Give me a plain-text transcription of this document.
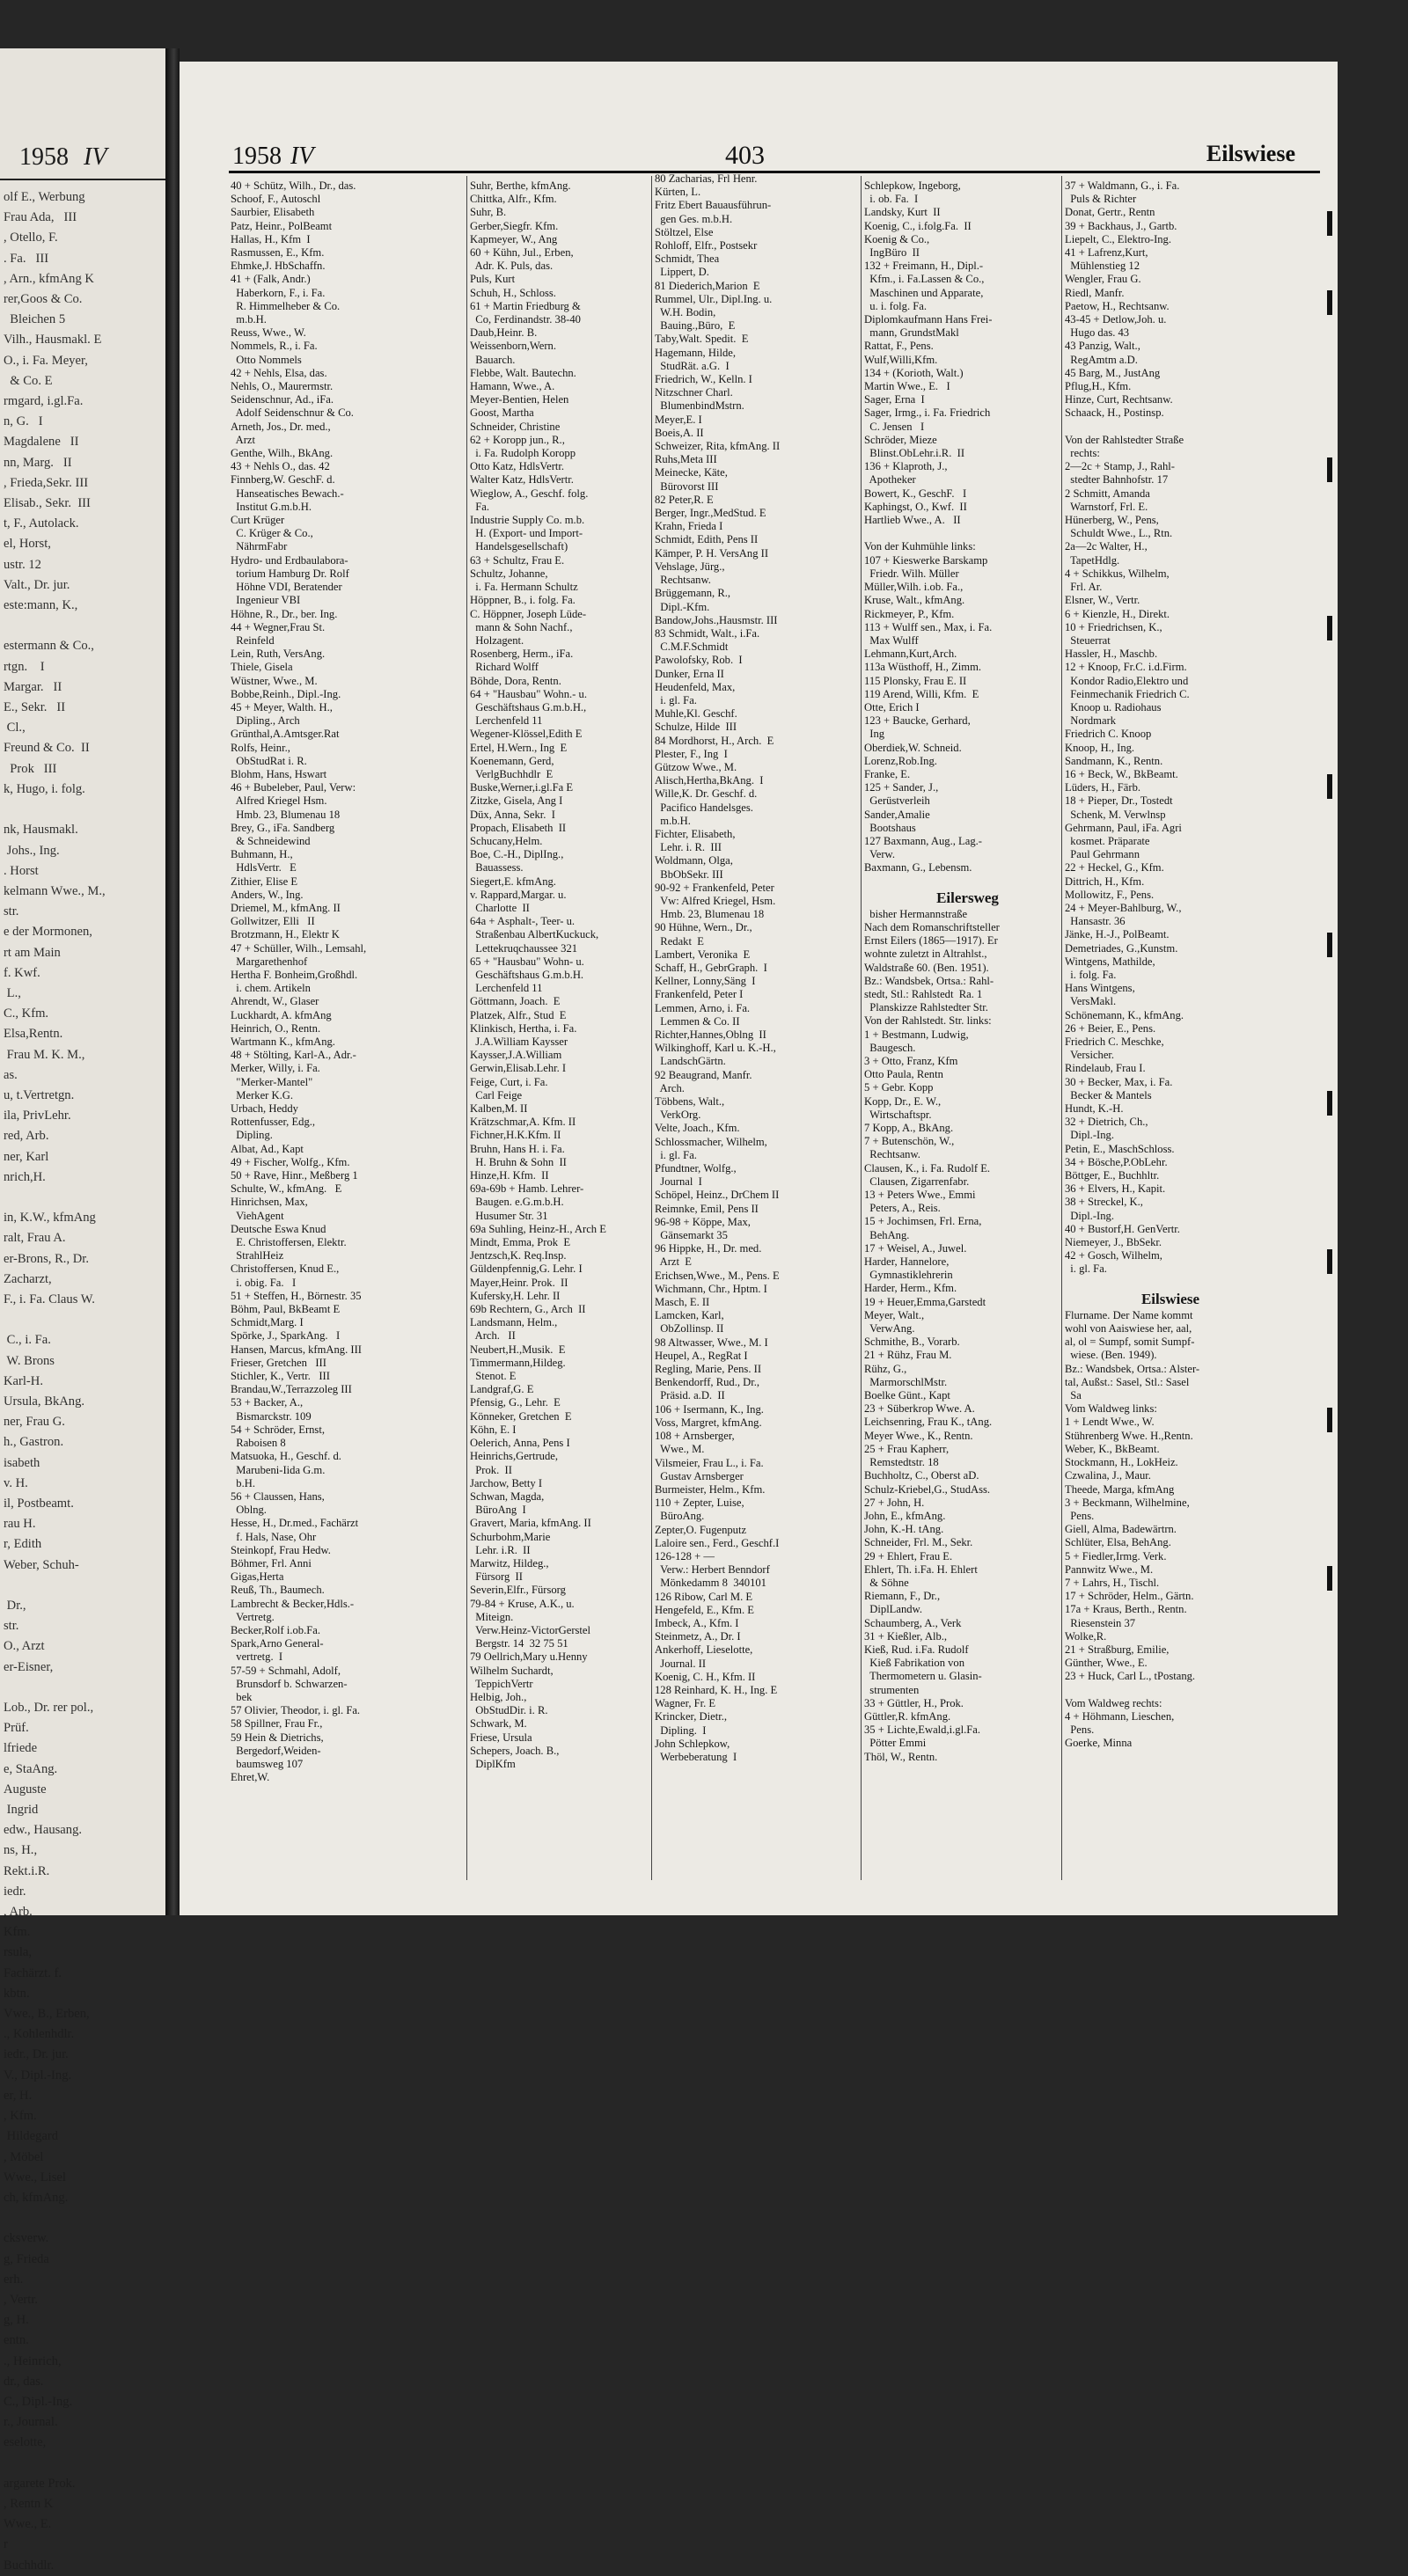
1958 IV
olf E., Werbung
Frau Ada,   III
, Otello, F.
. Fa.   III
, Arn., kfmAng K
rer,Goos & Co.
Bleichen 5
Vilh., Hausmakl. E
O., i. Fa. Meyer,
& Co. E
rmgard, i.gl.Fa.
n, G.   I
Magdalene   II
nn, Marg.   II
, Frieda,Sekr. III
Elisab., Sekr.  III
t, F., Autolack.
el, Horst,
ustr. 12
Valt., Dr. jur.
este:mann, K.,

estermann & Co.,
rtgn.    I
Margar.   II
E., Sekr.   II
Cl.,
Freund & Co.  II
Prok   III
k, Hugo, i. folg.

nk, Hausmakl.
Johs., Ing.
. Horst
kelmann Wwe., M.,
str.
e der Mormonen,
rt am Main
f. Kwf.
L.,
C., Kfm.
Elsa,Rentn.
Frau M. K. M.,
as.
u, t.Vertretgn.
ila, PrivLehr.
red, Arb.
ner, Karl
nrich,H.

in, K.W., kfmAng
ralt, Frau A.
er-Brons, R., Dr.
Zacharzt,
F., i. Fa. Claus W.

C., i. Fa.
W. Brons
Karl-H.
Ursula, BkAng.
ner, Frau G.
h., Gastron.
isabeth
v. H.
il, Postbeamt.
rau H.
r, Edith
Weber, Schuh-

Dr.,
str.
O., Arzt
er-Eisner,

Lob., Dr. rer pol.,
Prüf.
lfriede
e, StaAng.
Auguste
Ingrid
edw., Hausang.
ns, H.,
Rekt.i.R.
iedr.
, Arb.
Kfm.
rsula,
Fachärzt. f.
kbtn.
Vwe., B., Erben,
., Kohlenhdlr.
iedr., Dr. jur.
V., Dipl.-Ing.
er, H.
, Kfm.
Hildegard
, Möbel
Wwe., Lisel
ch, kfmAng.

cksverw.
g, Frieda
erh.
, Vertr.
g, H.
entn.
., Heinrich,
dr., das.
C., Dipl.-Ing.
r., Journal.
eselotte,

argarete Prok.
, Rentn K
Wwe., E.
r
Buchhdlr.
1958 IV	403	Eilswiese
40 + Schütz, Wilh., Dr., das.
Schoof, F., Autoschl
Saurbier, Elisabeth
Patz, Heinr., PolBeamt
Hallas, H., Kfm  I
Rasmussen, E., Kfm.
Ehmke,J. HbSchaffn.
41 + (Falk, Andr.)
Haberkorn, F., i. Fa.
R. Himmelheber & Co.
m.b.H.
Reuss, Wwe., W.
Nommels, R., i. Fa.
Otto Nommels
42 + Nehls, Elsa, das.
Nehls, O., Maurermstr.
Seidenschnur, Ad., iFa.
Adolf Seidenschnur & Co.
Arneth, Jos., Dr. med.,
Arzt
Genthe, Wilh., BkAng.
43 + Nehls O., das. 42
Finnberg,W. GeschF. d.
Hanseatisches Bewach.-
Institut G.m.b.H.
Curt Krüger
C. Krüger & Co.,
NährmFabr
Hydro- und Erdbaulabora-
torium Hamburg Dr. Rolf
Höhne VDI, Beratender
Ingenieur VBI
Höhne, R., Dr., ber. Ing.
44 + Wegner,Frau St.
Reinfeld
Lein, Ruth, VersAng.
Thiele, Gisela
Wüstner, Wwe., M.
Bobbe,Reinh., Dipl.-Ing.
45 + Meyer, Walth. H.,
Dipling., Arch
Grünthal,A.Amtsger.Rat
Rolfs, Heinr.,
ObStudRat i. R.
Blohm, Hans, Hswart
46 + Bubeleber, Paul, Verw:
Alfred Kriegel Hsm.
Hmb. 23, Blumenau 18
Brey, G., iFa. Sandberg
& Schneidewind
Buhmann, H.,
HdlsVertr.   E
Zithier, Elise E
Anders, W., Ing.
Driemel, M., kfmAng. II
Gollwitzer, Elli   II
Brotzmann, H., Elektr K
47 + Schüller, Wilh., Lemsahl,
Margarethenhof
Hertha F. Bonheim,Großhdl.
i. chem. Artikeln
Ahrendt, W., Glaser
Luckhardt, A. kfmAng
Heinrich, O., Rentn.
Wartmann K., kfmAng.
48 + Stölting, Karl-A., Adr.-
Merker, Willy, i. Fa.
"Merker-Mantel"
Merker K.G.
Urbach, Heddy
Rottenfusser, Edg.,
Dipling.
Albat, Ad., Kapt
49 + Fischer, Wolfg., Kfm.
50 + Rave, Hinr., Meßberg 1
Schulte, W., kfmAng.   E
Hinrichsen, Max,
ViehAgent
Deutsche Eswa Knud
E. Christoffersen, Elektr.
StrahlHeiz
Christoffersen, Knud E.,
i. obig. Fa.   I
51 + Steffen, H., Börnestr. 35
Böhm, Paul, BkBeamt E
Schmidt,Marg. I
Spörke, J., SparkAng.   I
Hansen, Marcus, kfmAng. III
Frieser, Gretchen   III
Stichler, K., Vertr.   III
Brandau,W.,Terrazzoleg III
53 + Backer, A.,
Bismarckstr. 109
54 + Schröder, Ernst,
Raboisen 8
Matsuoka, H., Geschf. d.
Marubeni-Iida G.m.
b.H.
56 + Claussen, Hans,
Oblng.
Hesse, H., Dr.med., Fachärzt
f. Hals, Nase, Ohr
Steinkopf, Frau Hedw.
Böhmer, Frl. Anni
Gigas,Herta
Reuß, Th., Baumech.
Lambrecht & Becker,Hdls.-
Vertretg.
Becker,Rolf i.ob.Fa.
Spark,Arno General-
vertretg.  I
57-59 + Schmahl, Adolf,
Brunsdorf b. Schwarzen-
bek
57 Olivier, Theodor, i. gl. Fa.
58 Spillner, Frau Fr.,
59 Hein & Dietrichs,
Bergedorf,Weiden-
baumsweg 107
Ehret,W.
Suhr, Berthe, kfmAng.
Chittka, Alfr., Kfm.
Suhr, B.
Gerber,Siegfr. Kfm.
Kapmeyer, W., Ang
60 + Kühn, Jul., Erben,
Adr. K. Puls, das.
Puls, Kurt
Schuh, H., Schloss.
61 + Martin Friedburg &
Co, Ferdinandstr. 38-40
Daub,Heinr. B.
Weissenborn,Wern.
Bauarch.
Flebbe, Walt. Bautechn.
Hamann, Wwe., A.
Meyer-Bentien, Helen
Goost, Martha
Schneider, Christine
62 + Koropp jun., R.,
i. Fa. Rudolph Koropp
Otto Katz, HdlsVertr.
Walter Katz, HdlsVertr.
Wieglow, A., Geschf. folg.
Fa.
Industrie Supply Co. m.b.
H. (Export- und Import-
Handelsgesellschaft)
63 + Schultz, Frau E.
Schultz, Johanne,
i. Fa. Hermann Schultz
Höppner, B., i. folg. Fa.
C. Höppner, Joseph Lüde-
mann & Sohn Nachf.,
Holzagent.
Rosenberg, Herm., iFa.
Richard Wolff
Böhde, Dora, Rentn.
64 + "Hausbau" Wohn.- u.
Geschäftshaus G.m.b.H.,
Lerchenfeld 11
Wegener-Klössel,Edith E
Ertel, H.Wern., Ing  E
Koenemann, Gerd,
VerlgBuchhdlr  E
Buske,Werner,i.gl.Fa E
Zitzke, Gisela, Ang I
Düx, Anna, Sekr.  I
Propach, Elisabeth  II
Schucany,Helm.
Boe, C.-H., DiplIng.,
Bauassess.
Siegert,E. kfmAng.
v. Rappard,Margar. u.
Charlotte  II
64a + Asphalt-, Teer- u.
Straßenbau AlbertKuckuck,
Lettekruqchaussee 321
65 + "Hausbau" Wohn- u.
Geschäftshaus G.m.b.H.
Lerchenfeld 11
Göttmann, Joach.  E
Platzek, Alfr., Stud  E
Klinkisch, Hertha, i. Fa.
J.A.William Kaysser
Kaysser,J.A.William
Gerwin,Elisab.Lehr. I
Feige, Curt, i. Fa.
Carl Feige
Kalben,M. II
Krätzschmar,A. Kfm. II
Fichner,H.K.Kfm. II
Bruhn, Hans H. i. Fa.
H. Bruhn & Sohn  II
Hinze,H. Kfm.  II
69a-69b + Hamb. Lehrer-
Baugen. e.G.m.b.H.
Husumer Str. 31
69a Suhling, Heinz-H., Arch E
Mindt, Emma, Prok  E
Jentzsch,K. Req.Insp.
Güldenpfennig,G. Lehr. I
Mayer,Heinr. Prok.  II
Kufersky,H. Lehr. II
69b Rechtern, G., Arch  II
Landsmann, Helm.,
Arch.   II
Neubert,H.,Musik.  E
Timmermann,Hildeg.
Stenot. E
Landgraf,G. E
Pfensig, G., Lehr.  E
Könneker, Gretchen  E
Köhn, E. I
Oelerich, Anna, Pens I
Heinrichs,Gertrude,
Prok.  II
Jarchow, Betty I
Schwan, Magda,
BüroAng  I
Gravert, Maria, kfmAng. II
Schurbohm,Marie
Lehr. i.R.  II
Marwitz, Hildeg.,
Fürsorg  II
Severin,Elfr., Fürsorg
79-84 + Kruse, A.K., u.
Miteign.
Verw.Heinz-VictorGerstel
Bergstr. 14  32 75 51
79 Oellrich,Mary u.Henny
Wilhelm Suchardt,
TeppichVertr
Helbig, Joh.,
ObStudDir. i. R.
Schwark, M.
Friese, Ursula
Schepers, Joach. B.,
DiplKfm
80 Zacharias, Frl Henr.
Kürten, L.
Fritz Ebert Bauausführun-
gen Ges. m.b.H.
Stöltzel, Else
Rohloff, Elfr., Postsekr
Schmidt, Thea
Lippert, D.
81 Diederich,Marion  E
Rummel, Ulr., Dipl.Ing. u.
W.H. Bodin,
Bauing.,Büro,  E
Taby,Walt. Spedit.  E
Hagemann, Hilde,
StudRät. a.G.  I
Friedrich, W., Kelln. I
Nitzschner Charl.
BlumenbindMstrn.
Meyer,E. I
Boeis,A. II
Schweizer, Rita, kfmAng. II
Ruhs,Meta III
Meinecke, Käte,
Bürovorst III
82 Peter,R. E
Berger, Ingr.,MedStud. E
Krahn, Frieda I
Schmidt, Edith, Pens II
Kämper, P. H. VersAng II
Vehslage, Jürg.,
Rechtsanw.
Brüggemann, R.,
Dipl.-Kfm.
Bandow,Johs.,Hausmstr. III
83 Schmidt, Walt., i.Fa.
C.M.F.Schmidt
Pawolofsky, Rob.  I
Dunker, Erna II
Heudenfeld, Max,
i. gl. Fa.
Muhle,Kl. Geschf.
Schulze, Hilde  III
84 Mordhorst, H., Arch.  E
Plester, F., Ing  I
Gützow Wwe., M.
Alisch,Hertha,BkAng.  I
Wille,K. Dr. Geschf. d.
Pacifico Handelsges.
m.b.H.
Fichter, Elisabeth,
Lehr. i. R.  III
Woldmann, Olga,
BbObSekr. III
90-92 + Frankenfeld, Peter
Vw: Alfred Kriegel, Hsm.
Hmb. 23, Blumenau 18
90 Hühne, Wern., Dr.,
Redakt  E
Lambert, Veronika  E
Schaff, H., GebrGraph.  I
Kellner, Lonny,Säng  I
Frankenfeld, Peter I
Lemmen, Arno, i. Fa.
Lemmen & Co. II
Richter,Hannes,Oblng  II
Wilkinghoff, Karl u. K.-H.,
LandschGärtn.
92 Beaugrand, Manfr.
Arch.
Többens, Walt.,
VerkOrg.
Velte, Joach., Kfm.
Schlossmacher, Wilhelm,
i. gl. Fa.
Pfundtner, Wolfg.,
Journal  I
Schöpel, Heinz., DrChem II
Reimnke, Emil, Pens II
96-98 + Köppe, Max,
Gänsemarkt 35
96 Hippke, H., Dr. med.
Arzt  E
Erichsen,Wwe., M., Pens. E
Wichmann, Chr., Hptm. I
Masch, E. II
Lamcken, Karl,
ObZollinsp. II
98 Altwasser, Wwe., M. I
Heupel, A., RegRat I
Regling, Marie, Pens. II
Benkendorff, Rud., Dr.,
Präsid. a.D.  II
106 + Isermann, K., Ing.
Voss, Margret, kfmAng.
108 + Arnsberger,
Wwe., M.
Vilsmeier, Frau L., i. Fa.
Gustav Arnsberger
Burmeister, Helm., Kfm.
110 + Zepter, Luise,
BüroAng.
Zepter,O. Fugenputz
Laloire sen., Ferd., Geschf.I
126-128 + —
Verw.: Herbert Benndorf
Mönkedamm 8  340101
126 Ribow, Carl M. E
Hengefeld, E., Kfm. E
Imbeck, A., Kfm. I
Steinmetz, A., Dr. I
Ankerhoff, Lieselotte,
Journal. II
Koenig, C. H., Kfm. II
128 Reinhard, K. H., Ing. E
Wagner, Fr. E
Krincker, Dietr.,
Dipling.  I
John Schlepkow,
Werbeberatung  I
Schlepkow, Ingeborg,
i. ob. Fa.  I
Landsky, Kurt  II
Koenig, C., i.folg.Fa.  II
Koenig & Co.,
IngBüro  II
132 + Freimann, H., Dipl.-
Kfm., i. Fa.Lassen & Co.,
Maschinen und Apparate,
u. i. folg. Fa.
Diplomkaufmann Hans Frei-
mann, GrundstMakl
Rattat, F., Pens.
Wulf,Willi,Kfm.
134 + (Korioth, Walt.)
Martin Wwe., E.   I
Sager, Erna  I
Sager, Irmg., i. Fa. Friedrich
C. Jensen   I
Schröder, Mieze
Blinst.ObLehr.i.R.  II
136 + Klaproth, J.,
Apotheker
Bowert, K., GeschF.   I
Kaphingst, O., Kwf.  II
Hartlieb Wwe., A.   II

Von der Kuhmühle links:
107 + Kieswerke Barskamp
Friedr. Wilh. Müller
Müller,Wilh. i.ob. Fa.,
Kruse, Walt., kfmAng.
Rickmeyer, P., Kfm.
113 + Wulff sen., Max, i. Fa.
Max Wulff
Lehmann,Kurt,Arch.
113a Wüsthoff, H., Zimm.
115 Plonsky, Frau E. II
119 Arend, Willi, Kfm.  E
Otte, Erich I
123 + Baucke, Gerhard,
Ing
Oberdiek,W. Schneid.
Lorenz,Rob.Ing.
Franke, E.
125 + Sander, J.,
Gerüstverleih
Sander,Amalie
Bootshaus
127 Baxmann, Aug., Lag.-
Verw.
Baxmann, G., Lebensm.

Eilersweg
bisher Hermannstraße
Nach dem Romanschriftsteller
Ernst Eilers (1865—1917). Er
wohnte zuletzt in Altrahlst.,
Waldstraße 60. (Ben. 1951).
Bz.: Wandsbek, Ortsa.: Rahl-
stedt, Stl.: Rahlstedt  Ra. 1
Planskizze Rahlstedter Str.
Von der Rahlstedt. Str. links:
1 + Bestmann, Ludwig,
Baugesch.
3 + Otto, Franz, Kfm
Otto Paula, Rentn
5 + Gebr. Kopp
Kopp, Dr., E. W.,
Wirtschaftspr.
7 Kopp, A., BkAng.
7 + Butenschön, W.,
Rechtsanw.
Clausen, K., i. Fa. Rudolf E.
Clausen, Zigarrenfabr.
13 + Peters Wwe., Emmi
Peters, A., Reis.
15 + Jochimsen, Frl. Erna,
BehAng.
17 + Weisel, A., Juwel.
Harder, Hannelore,
Gymnastiklehrerin
Harder, Herm., Kfm.
19 + Heuer,Emma,Garstedt
Meyer, Walt.,
VerwAng.
Schmithe, B., Vorarb.
21 + Rühz, Frau M.
Rühz, G.,
MarmorschlMstr.
Boelke Günt., Kapt
23 + Süberkrop Wwe. A.
Leichsenring, Frau K., tAng.
Meyer Wwe., K., Rentn.
25 + Frau Kapherr,
Remstedtstr. 18
Buchholtz, C., Oberst aD.
Schulz-Kriebel,G., StudAss.
27 + John, H.
John, E., kfmAng.
John, K.-H. tAng.
Schneider, Frl. M., Sekr.
29 + Ehlert, Frau E.
Ehlert, Th. i.Fa. H. Ehlert
& Söhne
Riemann, F., Dr.,
DiplLandw.
Schaumberg, A., Verk
31 + Kießler, Alb.,
Kieß, Rud. i.Fa. Rudolf
Kieß Fabrikation von
Thermometern u. Glasin-
strumenten
33 + Güttler, H., Prok.
Güttler,R. kfmAng.
35 + Lichte,Ewald,i.gl.Fa.
Pötter Emmi
Thöl, W., Rentn.
37 + Waldmann, G., i. Fa.
Puls & Richter
Donat, Gertr., Rentn
39 + Backhaus, J., Gartb.
Liepelt, C., Elektro-Ing.
41 + Lafrenz,Kurt,
Mühlenstieg 12
Wengler, Frau G.
Riedl, Manfr.
Paetow, H., Rechtsanw.
43-45 + Detlow,Joh. u.
Hugo das. 43
43 Panzig, Walt.,
RegAmtm a.D.
45 Barg, M., JustAng
Pflug,H., Kfm.
Hinze, Curt, Rechtsanw.
Schaack, H., Postinsp.

Von der Rahlstedter Straße
rechts:
2—2c + Stamp, J., Rahl-
stedter Bahnhofstr. 17
2 Schmitt, Amanda
Warnstorf, Frl. E.
Hünerberg, W., Pens,
Schuldt Wwe., L., Rtn.
2a—2c Walter, H.,
TapetHdlg.
4 + Schikkus, Wilhelm,
Frl. Ar.
Elsner, W., Vertr.
6 + Kienzle, H., Direkt.
10 + Friedrichsen, K.,
Steuerrat
Hassler, H., Maschb.
12 + Knoop, Fr.C. i.d.Firm.
Kondor Radio,Elektro und
Feinmechanik Friedrich C.
Knoop u. Radiohaus
Nordmark
Friedrich C. Knoop
Knoop, H., Ing.
Sandmann, K., Rentn.
16 + Beck, W., BkBeamt.
Lüders, H., Färb.
18 + Pieper, Dr., Tostedt
Schenk, M. Verwlnsp
Gehrmann, Paul, iFa. Agri
kosmet. Präparate
Paul Gehrmann
22 + Heckel, G., Kfm.
Dittrich, H., Kfm.
Mollowitz, F., Pens.
24 + Meyer-Bahlburg, W.,
Hansastr. 36
Jänke, H.-J., PolBeamt.
Demetriades, G.,Kunstm.
Wintgens, Mathilde,
i. folg. Fa.
Hans Wintgens,
VersMakl.
Schönemann, K., kfmAng.
26 + Beier, E., Pens.
Friedrich C. Meschke,
Versicher.
Rindelaub, Frau I.
30 + Becker, Max, i. Fa.
Becker & Mantels
Hundt, K.-H.
32 + Dietrich, Ch.,
Dipl.-Ing.
Petin, E., MaschSchloss.
34 + Bösche,P.ObLehr.
Böttger, E., Buchhltr.
36 + Elvers, H., Kapit.
38 + Streckel, K.,
Dipl.-Ing.
40 + Bustorf,H. GenVertr.
Niemeyer, J., BbSekr.
42 + Gosch, Wilhelm,
i. gl. Fa.

Eilswiese
Flurname. Der Name kommt
wohl von Aaiswiese her, aal,
al, ol = Sumpf, somit Sumpf-
wiese. (Ben. 1949).
Bz.: Wandsbek, Ortsa.: Alster-
tal, Außst.: Sasel, Stl.: Sasel
Sa
Vom Waldweg links:
1 + Lendt Wwe., W.
Stührenberg Wwe. H.,Rentn.
Weber, K., BkBeamt.
Stockmann, H., LokHeiz.
Czwalina, J., Maur.
Theede, Marga, kfmAng
3 + Beckmann, Wilhelmine,
Pens.
Giell, Alma, Badewärtrn.
Schlüter, Elsa, BehAng.
5 + Fiedler,Irmg. Verk.
Pannwitz Wwe., M.
7 + Lahrs, H., Tischl.
17 + Schröder, Helm., Gärtn.
17a + Kraus, Berth., Rentn.
Riesenstein 37
Wolke,R.
21 + Straßburg, Emilie,
Günther, Wwe., E.
23 + Huck, Carl L., tPostang.

Vom Waldweg rechts:
4 + Höhmann, Lieschen,
Pens.
Goerke, Minna
